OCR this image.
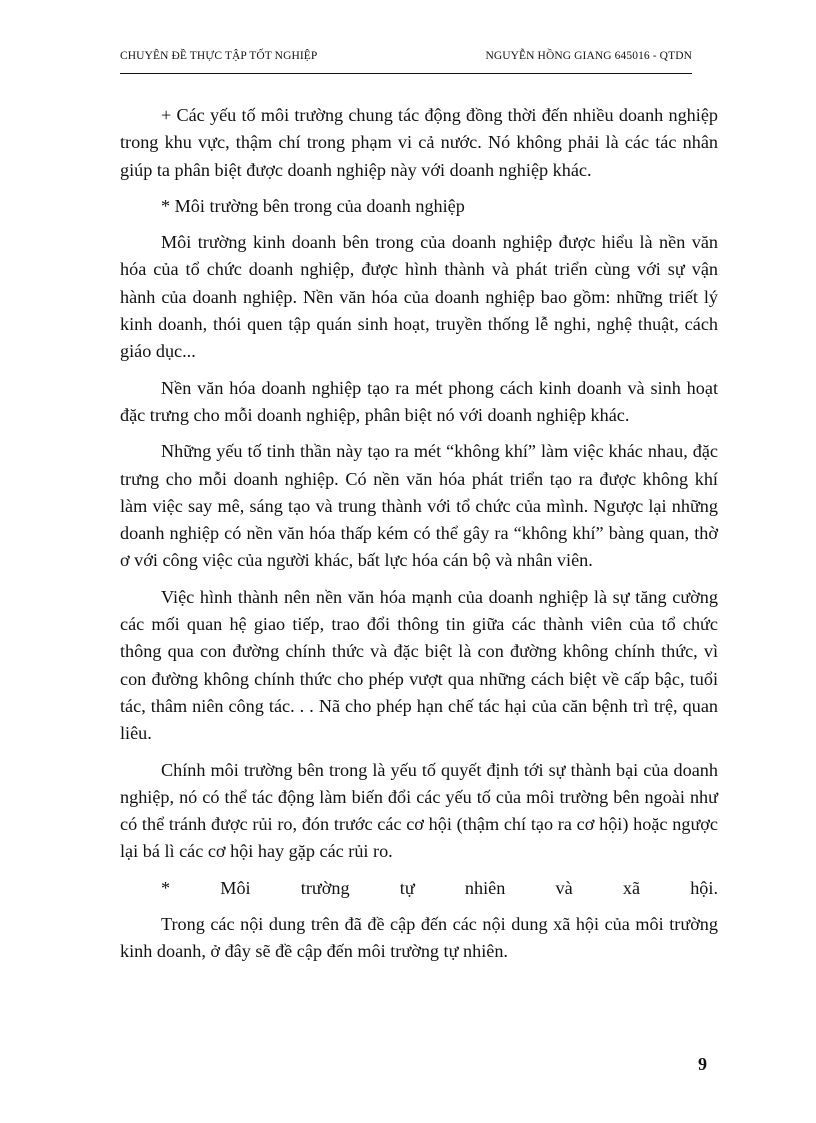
CHUYÊN ĐỀ THỰC TẬP TỐT NGHIỆP	NGUYỄN HỒNG GIANG 645016 - QTDN

+ Các yếu tố môi trường chung tác động đồng thời đến nhiều doanh nghiệp trong khu vực, thậm chí trong phạm vi cả nước. Nó không phải là các tác nhân giúp ta phân biệt được doanh nghiệp này với doanh nghiệp khác.

* Môi trường bên trong của doanh nghiệp

Môi trường kinh doanh bên trong của doanh nghiệp được hiểu là nền văn hóa của tổ chức doanh nghiệp, được hình thành và phát triển cùng với sự vận hành của doanh nghiệp. Nền văn hóa của doanh nghiệp bao gồm: những triết lý kinh doanh, thói quen tập quán sinh hoạt, truyền thống lễ nghi, nghệ thuật, cách giáo dục...

Nền văn hóa doanh nghiệp tạo ra mét phong cách kinh doanh và sinh hoạt đặc trưng cho mỗi doanh nghiệp, phân biệt nó với doanh nghiệp khác.

Những yếu tố tinh thần này tạo ra mét “không khí” làm việc khác nhau, đặc trưng cho mỗi doanh nghiệp. Có nền văn hóa phát triển tạo ra được không khí làm việc say mê, sáng tạo và trung thành với tổ chức của mình. Ngược lại những doanh nghiệp có nền văn hóa thấp kém có thể gây ra “không khí” bàng quan, thờ ơ với công việc của người khác, bất lực hóa cán bộ và nhân viên.

Việc hình thành nên nền văn hóa mạnh của doanh nghiệp là sự tăng cường các mối quan hệ giao tiếp, trao đổi thông tin giữa các thành viên của tổ chức thông qua con đường chính thức và đặc biệt là con đường không chính thức, vì con đường không chính thức cho phép vượt qua những cách biệt về cấp bậc, tuổi tác, thâm niên công tác. . . Nã cho phép hạn chế tác hại của căn bệnh trì trệ, quan liêu.

Chính môi trường bên trong là yếu tố quyết định tới sự thành bại của doanh nghiệp, nó có thể tác động làm biến đổi các yếu tố của môi trường bên ngoài như có thể tránh được rủi ro, đón trước các cơ hội (thậm chí tạo ra cơ hội) hoặc ngược lại bá lì các cơ hội hay gặp các rủi ro.

*	Môi	trường	tự	nhiên	và	xã	hội.

Trong các nội dung trên đã đề cập đến các nội dung xã hội của môi trường kinh doanh, ở đây sẽ đề cập đến môi trường tự nhiên.

9
